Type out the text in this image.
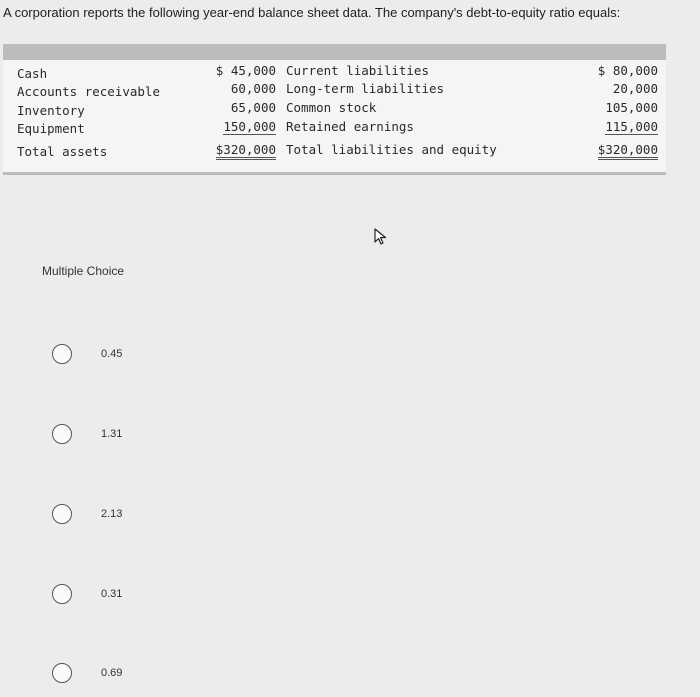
A corporation reports the following year-end balance sheet data. The company's debt-to-equity ratio equals:
Cash
Accounts receivable
Inventory
Equipment
Total assets
$ 45,000
60,000
65,000
150,000
$320,000
Current liabilities
Long-term liabilities
Common stock
Retained earnings
Total liabilities and equity
$ 80,000
20,000
105,000
115,000
$320,000
Multiple Choice
0.45
1.31
2.13
0.31
0.69
